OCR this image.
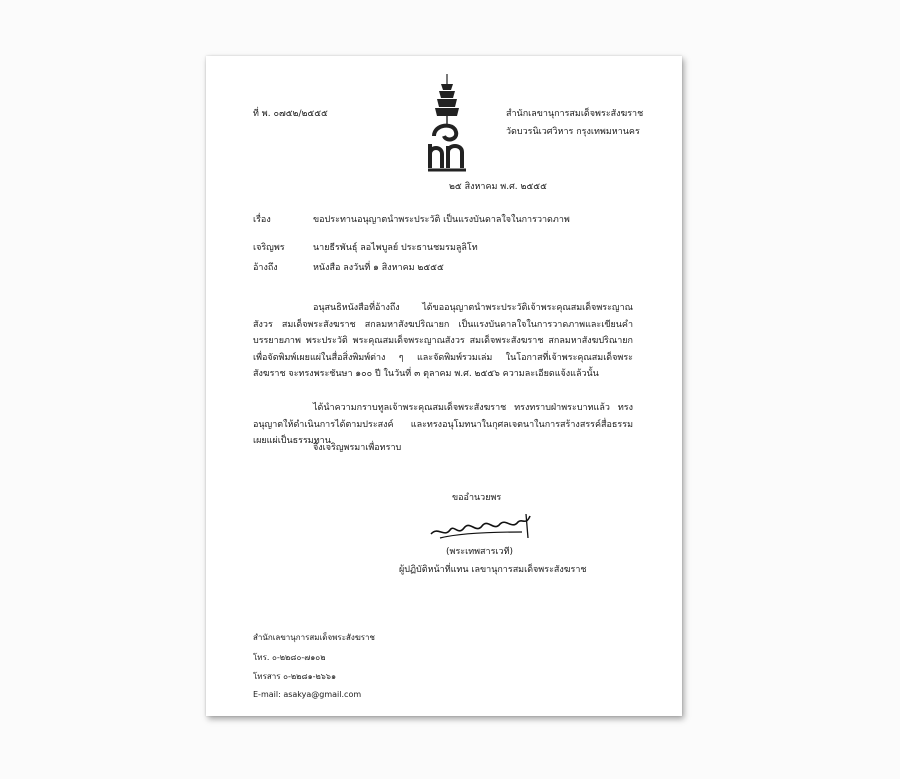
ที่ พ. ๐๗๕๒/๒๕๕๕	สำนักเลขานุการสมเด็จพระสังฆราช
วัดบวรนิเวศวิหาร กรุงเทพมหานคร
๒๕ สิงหาคม พ.ศ. ๒๕๕๕
เรื่อง	ขอประทานอนุญาตนำพระประวัติ เป็นแรงบันดาลใจในการวาดภาพ
เจริญพร	นายธีรพันธุ์ ลอไพบูลย์ ประธานชมรมลูลิโท
อ้างถึง	หนังสือ ลงวันที่ ๑ สิงหาคม ๒๕๕๕
อนุสนธิหนังสือที่อ้างถึง ได้ขออนุญาตนำพระประวัติเจ้าพระคุณสมเด็จพระญาณสังวร สมเด็จพระสังฆราช สกลมหาสังฆปริณายก เป็นแรงบันดาลใจในการวาดภาพและเขียนคำบรรยายภาพ พระประวัติ พระคุณสมเด็จพระญาณสังวร สมเด็จพระสังฆราช สกลมหาสังฆปริณายก เพื่อจัดพิมพ์เผยแผ่ในสื่อสิ่งพิมพ์ต่าง ๆ และจัดพิมพ์รวมเล่ม ในโอกาสที่เจ้าพระคุณสมเด็จพระสังฆราช จะทรงพระชันษา ๑๐๐ ปี ในวันที่ ๓ ตุลาคม พ.ศ. ๒๕๕๖ ความละเอียดแจ้งแล้วนั้น
ได้นำความกราบทูลเจ้าพระคุณสมเด็จพระสังฆราช ทรงทราบฝ่าพระบาทแล้ว ทรงอนุญาตให้ดำเนินการได้ตามประสงค์ และทรงอนุโมทนาในกุศลเจตนาในการสร้างสรรค์สื่อธรรมเผยแผ่เป็นธรรมทาน
จึงเจริญพรมาเพื่อทราบ
ขออำนวยพร
(พระเทพสารเวที)
ผู้ปฏิบัติหน้าที่แทน เลขานุการสมเด็จพระสังฆราช
สำนักเลขานุการสมเด็จพระสังฆราช
โทร. ๐-๒๒๘๐-๗๑๐๒
โทรสาร ๐-๒๒๘๑-๒๖๖๑
E-mail: asakya@gmail.com
